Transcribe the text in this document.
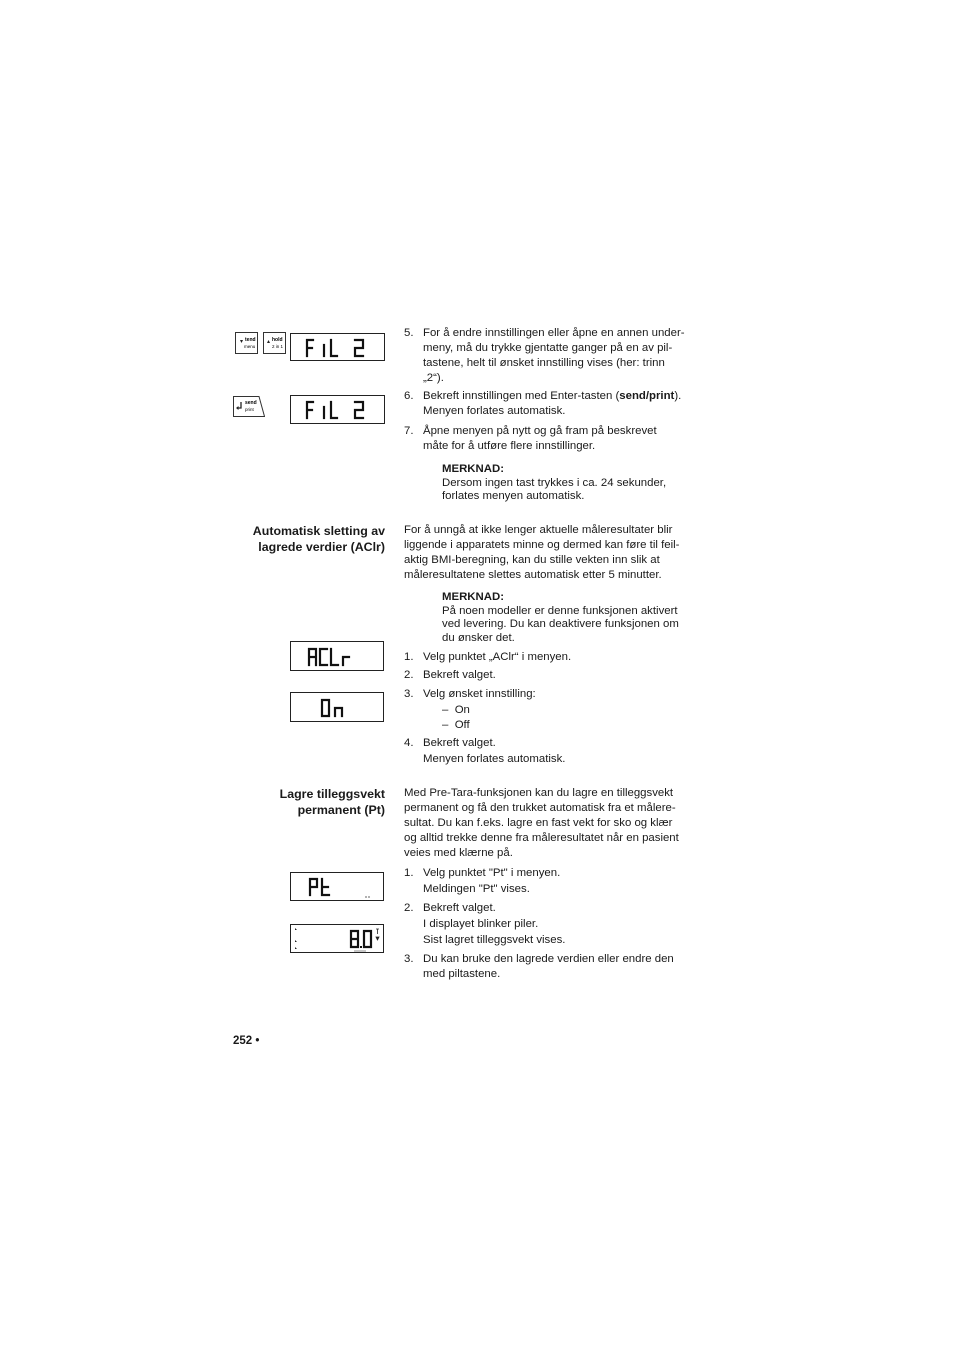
tend
menu
hold
2 in 1
send
print
FIL 2
FIL 2
AClr
On
Pt
8.0
5. For å endre innstillingen eller åpne en annen under-
meny, må du trykke gjentatte ganger på en av pil-
tastene, helt til ønsket innstilling vises (her: trinn
„2“).
6. Bekreft innstillingen med Enter-tasten (send/print).
Menyen forlates automatisk.
7. Åpne menyen på nytt og gå fram på beskrevet
måte for å utføre flere innstillinger.
MERKNAD:
Dersom ingen tast trykkes i ca. 24 sekunder,
forlates menyen automatisk.
Automatisk sletting av
lagrede verdier (AClr)
For å unngå at ikke lenger aktuelle måleresultater blir
liggende i apparatets minne og dermed kan føre til feil-
aktig BMI-beregning, kan du stille vekten inn slik at
måleresultatene slettes automatisk etter 5 minutter.
MERKNAD:
På noen modeller er denne funksjonen aktivert
ved levering. Du kan deaktivere funksjonen om
du ønsker det.
1. Velg punktet „AClr“ i menyen.
2. Bekreft valget.
3. Velg ønsket innstilling:
– On
– Off
4. Bekreft valget.
Menyen forlates automatisk.
Lagre tilleggsvekt
permanent (Pt)
Med Pre-Tara-funksjonen kan du lagre en tilleggsvekt
permanent og få den trukket automatisk fra et målere-
sultat. Du kan f.eks. lagre en fast vekt for sko og klær
og alltid trekke denne fra måleresultatet når en pasient
veies med klærne på.
1. Velg punktet "Pt" i menyen.
Meldingen "Pt" vises.
2. Bekreft valget.
I displayet blinker piler.
Sist lagret tilleggsvekt vises.
3. Du kan bruke den lagrede verdien eller endre den
med piltastene.
252 •
